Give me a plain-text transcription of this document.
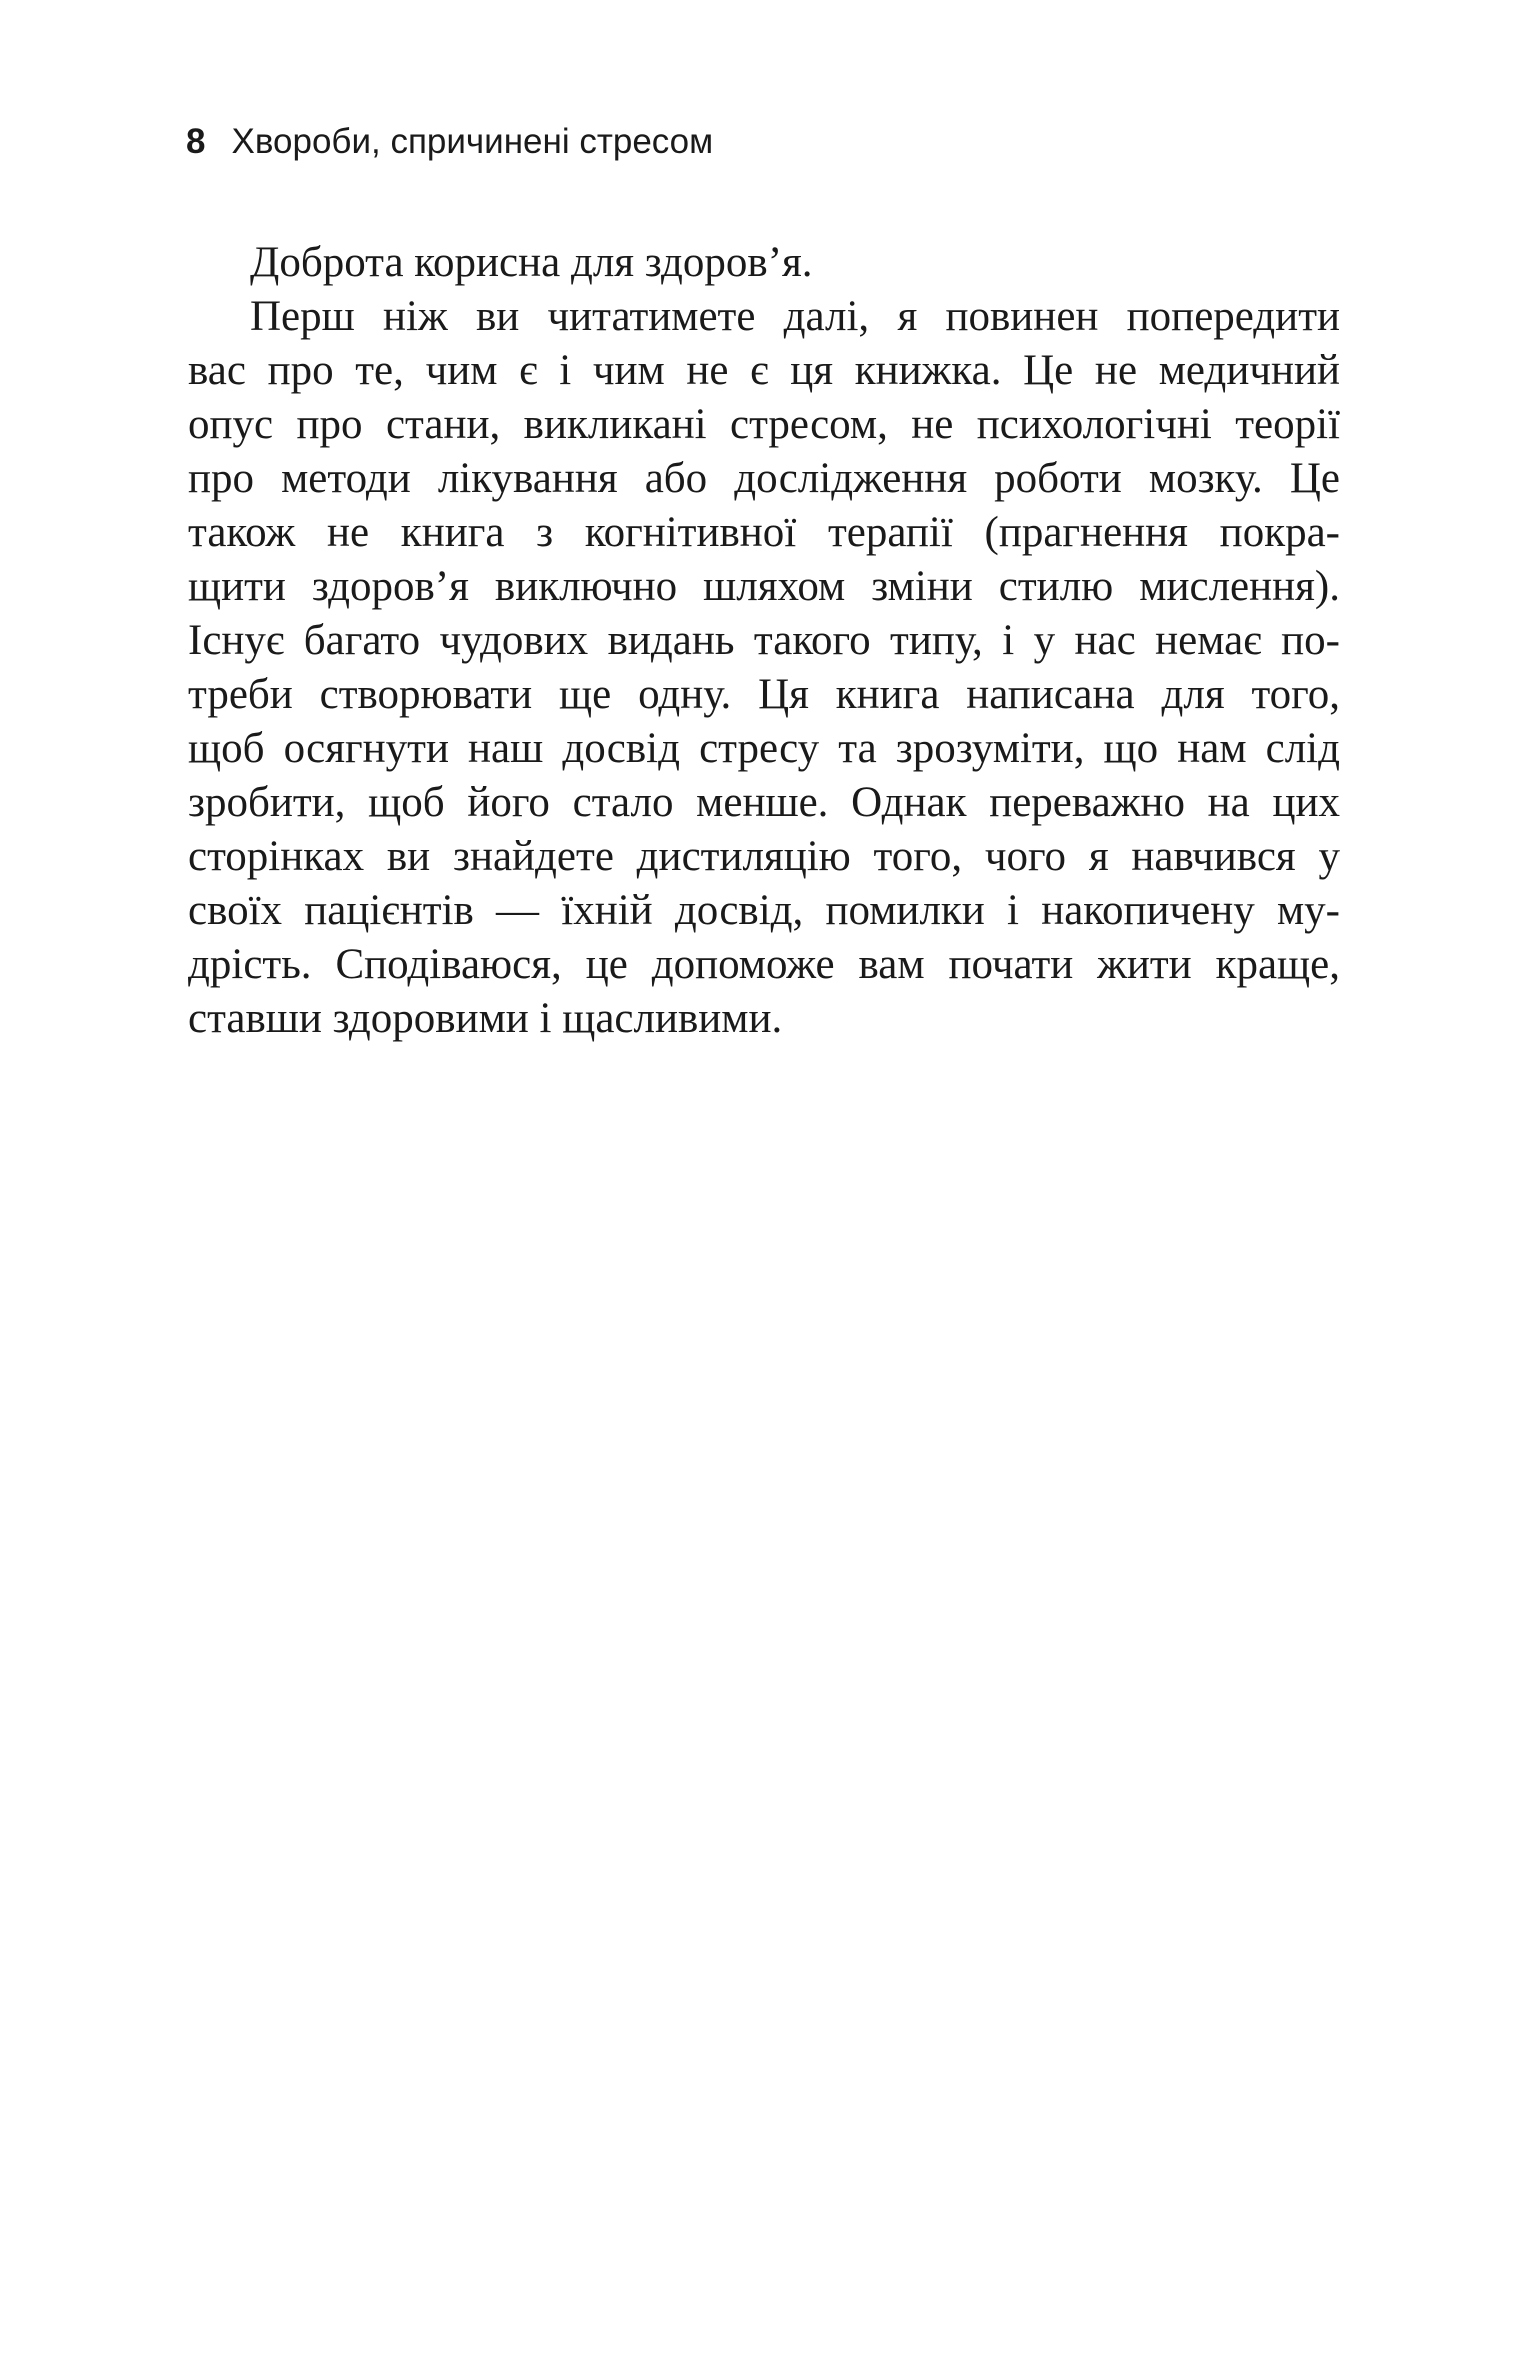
8 Хвороби, спричинені стресом
Доброта корисна для здоров’я.
Перш ніж ви читатимете далі, я повинен попередити
вас про те, чим є і чим не є ця книжка. Це не медичний
опус про стани, викликані стресом, не психологічні теорії
про методи лікування або дослідження роботи мозку. Це
також не книга з когнітивної терапії (прагнення покра-
щити здоров’я виключно шляхом зміни стилю мислення).
Існує багато чудових видань такого типу, і у нас немає по-
треби створювати ще одну. Ця книга написана для того,
щоб осягнути наш досвід стресу та зрозуміти, що нам слід
зробити, щоб його стало менше. Однак переважно на цих
сторінках ви знайдете дистиляцію того, чого я навчився у
своїх пацієнтів — їхній досвід, помилки і накопичену му-
дрість. Сподіваюся, це допоможе вам почати жити краще,
ставши здоровими і щасливими.
